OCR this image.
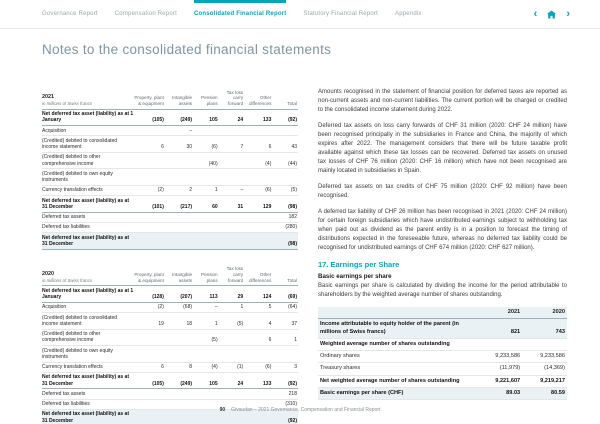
Governance Report	Compensation Report	Consolidated Financial Report	Statutory Financial Report	Appendix	‹	›
Notes to the consolidated financial statements
2021
in millions of Swiss francs	Property, plant & equipment	Intangible assets	Pension plans	Tax loss carry forward	Other differences	Total
Net deferred tax asset (liability) as at 1 January	(105)	(249)	105	24	133	(92)
Acquisition		–				
(Credited) debited to consolidated income statement	6	30	(6)	7	6	43
(Credited) debited to other comprehensive income			(40)		(4)	(44)
(Credited) debited to own equity instruments						
Currency translation effects	(2)	2	1	–	(6)	(5)
Net deferred tax asset (liability) as at 31 December	(101)	(217)	60	31	129	(98)
Deferred tax assets						182
Deferred tax liabilities						(280)
Net deferred tax asset (liability) as at 31 December						(98)
2020
in millions of Swiss francs	Property, plant & equipment	Intangible assets	Pension plans	Tax loss carry forward	Other differences	Total
Net deferred tax asset (liability) as at 1 January	(128)	(207)	113	29	124	(69)
Acquisition	(2)	(68)	–	1	5	(64)
(Credited) debited to consolidated income statement	19	18	1	(5)	4	37
(Credited) debited to other comprehensive income			(5)		6	1
(Credited) debited to own equity instruments						
Currency translation effects	6	8	(4)	(1)	(6)	3
Net deferred tax asset (liability) as at 31 December	(105)	(249)	105	24	133	(92)
Deferred tax assets						218
Deferred tax liabilities						(310)
Net deferred tax asset (liability) as at 31 December						(92)

Amounts recognised in the statement of financial position for deferred taxes are reported as non-current assets and non-current liabilities. The current portion will be charged or credited to the consolidated income statement during 2022.

Deferred tax assets on loss carry forwards of CHF 31 million (2020: CHF 24 million) have been recognised principally in the subsidiaries in France and China, the majority of which expires after 2022. The management considers that there will be future taxable profit available against which these tax losses can be recovered. Deferred tax assets on unused tax losses of CHF 76 million (2020: CHF 16 million) which have not been recognised are mainly located in subsidiaries in Spain.

Deferred tax assets on tax credits of CHF 75 million (2020: CHF 92 million) have been recognised.

A deferred tax liability of CHF 26 million has been recognised in 2021 (2020: CHF 24 million) for certain foreign subsidiaries which have undistributed earnings subject to withholding tax when paid out as dividend as the parent entity is in a position to forecast the timing of distributions expected in the foreseeable future, whereas no deferred tax liability could be recognised for undistributed earnings of CHF 674 million (2020: CHF 627 million).

17. Earnings per Share
Basic earnings per share

Basic earnings per share is calculated by dividing the income for the period attributable to shareholders by the weighted average number of shares outstanding.

	2021	2020
Income attributable to equity holder of the parent (in millions of Swiss francs)	821	743
Weighted average number of shares outstanding		
Ordinary shares	9,233,586	9,233,586
Treasury shares	(11,979)	(14,369)
Net weighted average number of shares outstanding	9,221,607	9,219,217
Basic earnings per share (CHF)	89.03	80.59
90 Givaudan – 2021 Governance, Compensation and Financial Report
